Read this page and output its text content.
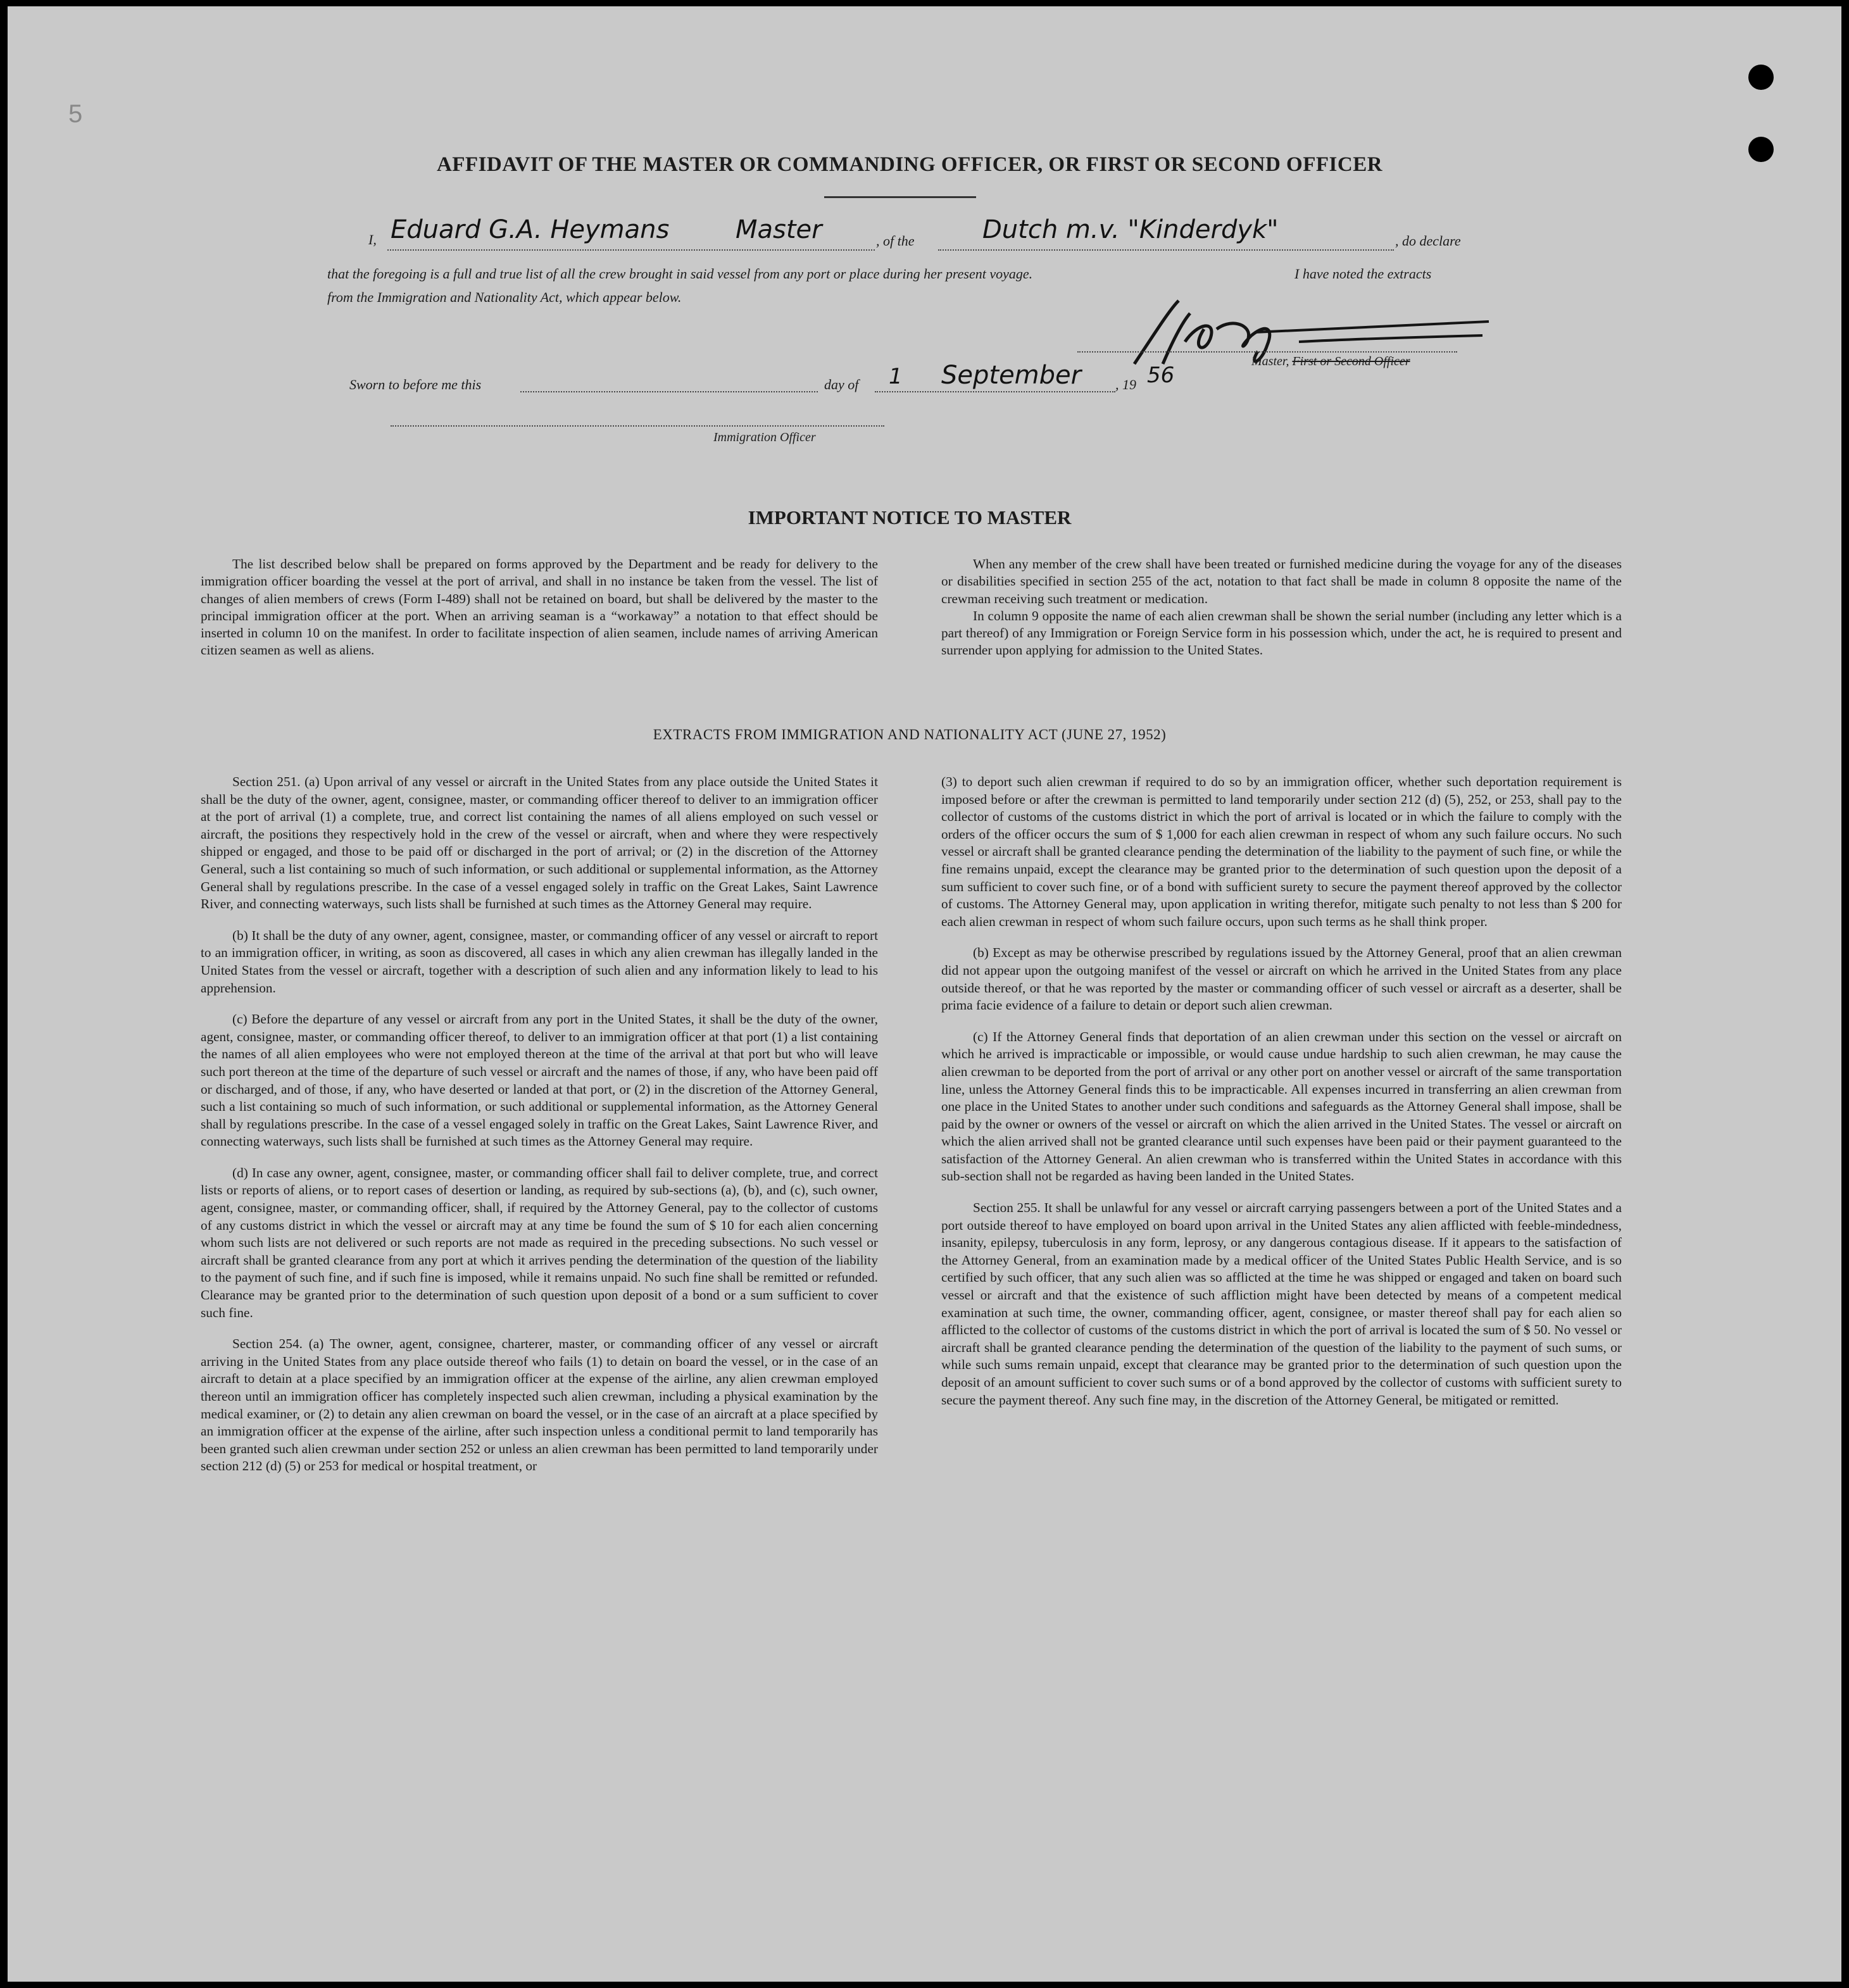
5
AFFIDAVIT OF THE MASTER OR COMMANDING OFFICER, OR FIRST OR SECOND OFFICER
I, Eduard G.A. Heymans	Master	, of the	Dutch m.v. "Kinderdyk"	, do declare
that the foregoing is a full and true list of all the crew brought in said vessel from any port or place during her present voyage.	I have noted the extracts
from the Immigration and Nationality Act, which appear below.
Master, First or Second Officer
Sworn to before me this	day of 1 September , 19 56
Immigration Officer
IMPORTANT NOTICE TO MASTER

The list described below shall be prepared on forms approved by the Department and be ready for delivery to the immigration officer boarding the vessel at the port of arrival, and shall in no instance be taken from the vessel. The list of changes of alien members of crews (Form I-489) shall not be retained on board, but shall be delivered by the master to the principal immigration officer at the port. When an arriving seaman is a “workaway” a notation to that effect should be inserted in column 10 on the manifest. In order to facilitate inspection of alien seamen, include names of arriving American citizen seamen as well as aliens.

When any member of the crew shall have been treated or furnished medicine during the voyage for any of the diseases or disabilities specified in section 255 of the act, notation to that fact shall be made in column 8 opposite the name of the crewman receiving such treatment or medication.
In column 9 opposite the name of each alien crewman shall be shown the serial number (including any letter which is a part thereof) of any Immigration or Foreign Service form in his possession which, under the act, he is required to present and surrender upon applying for admission to the United States.
EXTRACTS FROM IMMIGRATION AND NATIONALITY ACT (JUNE 27, 1952)

Section 251. (a) Upon arrival of any vessel or aircraft in the United States from any place outside the United States it shall be the duty of the owner, agent, consignee, master, or commanding officer thereof to deliver to an immigration officer at the port of arrival (1) a complete, true, and correct list containing the names of all aliens employed on such vessel or aircraft, the positions they respectively hold in the crew of the vessel or aircraft, when and where they were respectively shipped or engaged, and those to be paid off or discharged in the port of arrival; or (2) in the discretion of the Attorney General, such a list containing so much of such information, or such additional or supplemental information, as the Attorney General shall by regulations prescribe. In the case of a vessel engaged solely in traffic on the Great Lakes, Saint Lawrence River, and connecting waterways, such lists shall be furnished at such times as the Attorney General may require.

(b) It shall be the duty of any owner, agent, consignee, master, or commanding officer of any vessel or aircraft to report to an immigration officer, in writing, as soon as discovered, all cases in which any alien crewman has illegally landed in the United States from the vessel or aircraft, together with a description of such alien and any information likely to lead to his apprehension.

(c) Before the departure of any vessel or aircraft from any port in the United States, it shall be the duty of the owner, agent, consignee, master, or commanding officer thereof, to deliver to an immigration officer at that port (1) a list containing the names of all alien employees who were not employed thereon at the time of the arrival at that port but who will leave such port thereon at the time of the departure of such vessel or aircraft and the names of those, if any, who have been paid off or discharged, and of those, if any, who have deserted or landed at that port, or (2) in the discretion of the Attorney General, such a list containing so much of such information, or such additional or supplemental information, as the Attorney General shall by regulations prescribe. In the case of a vessel engaged solely in traffic on the Great Lakes, Saint Lawrence River, and connecting waterways, such lists shall be furnished at such times as the Attorney General may require.

(d) In case any owner, agent, consignee, master, or commanding officer shall fail to deliver complete, true, and correct lists or reports of aliens, or to report cases of desertion or landing, as required by sub-sections (a), (b), and (c), such owner, agent, consignee, master, or commanding officer, shall, if required by the Attorney General, pay to the collector of customs of any customs district in which the vessel or aircraft may at any time be found the sum of $ 10 for each alien concerning whom such lists are not delivered or such reports are not made as required in the preceding subsections. No such vessel or aircraft shall be granted clearance from any port at which it arrives pending the determination of the question of the liability to the payment of such fine, and if such fine is imposed, while it remains unpaid. No such fine shall be remitted or refunded. Clearance may be granted prior to the determination of such question upon deposit of a bond or a sum sufficient to cover such fine.

Section 254. (a) The owner, agent, consignee, charterer, master, or commanding officer of any vessel or aircraft arriving in the United States from any place outside thereof who fails (1) to detain on board the vessel, or in the case of an aircraft to detain at a place specified by an immigration officer at the expense of the airline, any alien crewman employed thereon until an immigration officer has completely inspected such alien crewman, including a physical examination by the medical examiner, or (2) to detain any alien crewman on board the vessel, or in the case of an aircraft at a place specified by an immigration officer at the expense of the airline, after such inspection unless a conditional permit to land temporarily has been granted such alien crewman under section 252 or unless an alien crewman has been permitted to land temporarily under section 212 (d) (5) or 253 for medical or hospital treatment, or

(3) to deport such alien crewman if required to do so by an immigration officer, whether such deportation requirement is imposed before or after the crewman is permitted to land temporarily under section 212 (d) (5), 252, or 253, shall pay to the collector of customs of the customs district in which the port of arrival is located or in which the failure to comply with the orders of the officer occurs the sum of $ 1,000 for each alien crewman in respect of whom any such failure occurs. No such vessel or aircraft shall be granted clearance pending the determination of the liability to the payment of such fine, or while the fine remains unpaid, except the clearance may be granted prior to the determination of such question upon the deposit of a sum sufficient to cover such fine, or of a bond with sufficient surety to secure the payment thereof approved by the collector of customs. The Attorney General may, upon application in writing therefor, mitigate such penalty to not less than $ 200 for each alien crewman in respect of whom such failure occurs, upon such terms as he shall think proper.

(b) Except as may be otherwise prescribed by regulations issued by the Attorney General, proof that an alien crewman did not appear upon the outgoing manifest of the vessel or aircraft on which he arrived in the United States from any place outside thereof, or that he was reported by the master or commanding officer of such vessel or aircraft as a deserter, shall be prima facie evidence of a failure to detain or deport such alien crewman.

(c) If the Attorney General finds that deportation of an alien crewman under this section on the vessel or aircraft on which he arrived is impracticable or impossible, or would cause undue hardship to such alien crewman, he may cause the alien crewman to be deported from the port of arrival or any other port on another vessel or aircraft of the same transportation line, unless the Attorney General finds this to be impracticable. All expenses incurred in transferring an alien crewman from one place in the United States to another under such conditions and safeguards as the Attorney General shall impose, shall be paid by the owner or owners of the vessel or aircraft on which the alien arrived in the United States. The vessel or aircraft on which the alien arrived shall not be granted clearance until such expenses have been paid or their payment guaranteed to the satisfaction of the Attorney General. An alien crewman who is transferred within the United States in accordance with this sub-section shall not be regarded as having been landed in the United States.

Section 255. It shall be unlawful for any vessel or aircraft carrying passengers between a port of the United States and a port outside thereof to have employed on board upon arrival in the United States any alien afflicted with feeble-mindedness, insanity, epilepsy, tuberculosis in any form, leprosy, or any dangerous contagious disease. If it appears to the satisfaction of the Attorney General, from an examination made by a medical officer of the United States Public Health Service, and is so certified by such officer, that any such alien was so afflicted at the time he was shipped or engaged and taken on board such vessel or aircraft and that the existence of such affliction might have been detected by means of a competent medical examination at such time, the owner, commanding officer, agent, consignee, or master thereof shall pay for each alien so afflicted to the collector of customs of the customs district in which the port of arrival is located the sum of $ 50. No vessel or aircraft shall be granted clearance pending the determination of the question of the liability to the payment of such sums, or while such sums remain unpaid, except that clearance may be granted prior to the determination of such question upon the deposit of an amount sufficient to cover such sums or of a bond approved by the collector of customs with sufficient surety to secure the payment thereof. Any such fine may, in the discretion of the Attorney General, be mitigated or remitted.
